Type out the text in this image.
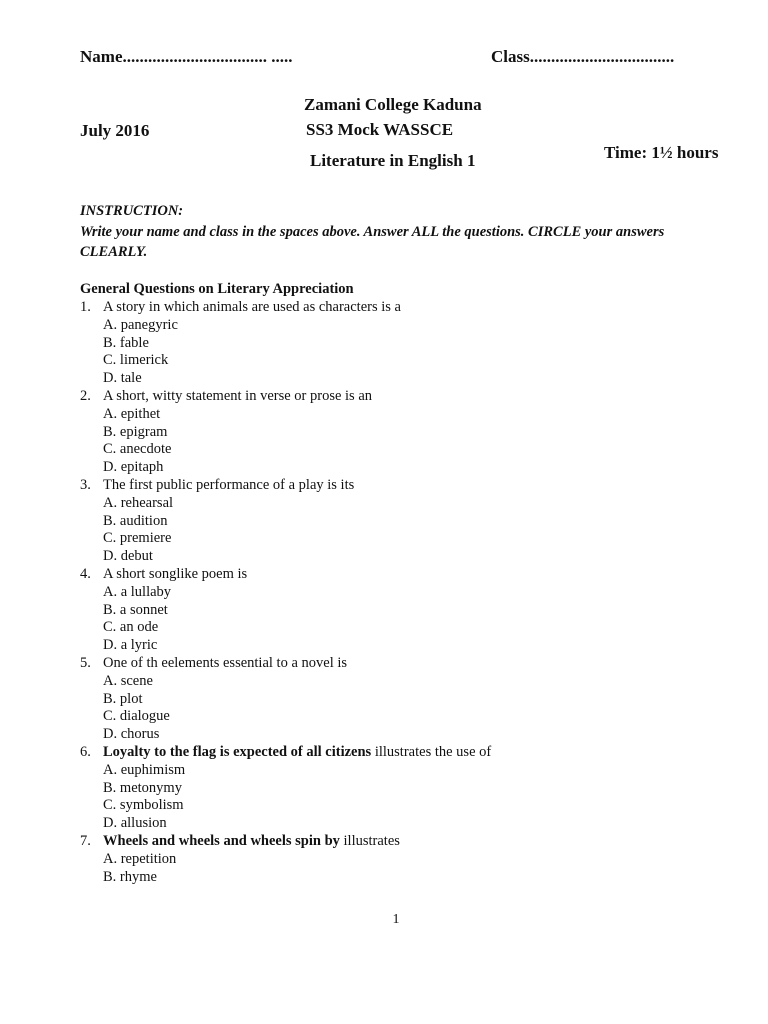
Name.................................. .....	Class..................................
Zamani College Kaduna
July 2016	SS3 Mock WASSCE
Literature in English 1	Time: 1½ hours
INSTRUCTION:
Write your name and class in the spaces above. Answer ALL the questions. CIRCLE your answers CLEARLY.
General Questions on Literary Appreciation
1. A story in which animals are used as characters is a
A. panegyric
B. fable
C. limerick
D. tale
2. A short, witty statement in verse or prose is an
A. epithet
B. epigram
C. anecdote
D. epitaph
3. The first public performance of a play is its
A. rehearsal
B. audition
C. premiere
D. debut
4. A short songlike poem is
A. a lullaby
B. a sonnet
C. an ode
D. a lyric
5. One of th eelements essential to a novel is
A. scene
B. plot
C. dialogue
D. chorus
6. Loyalty to the flag is expected of all citizens illustrates the use of
A. euphimism
B. metonymy
C. symbolism
D. allusion
7. Wheels and wheels and wheels spin by illustrates
A. repetition
B. rhyme
1
